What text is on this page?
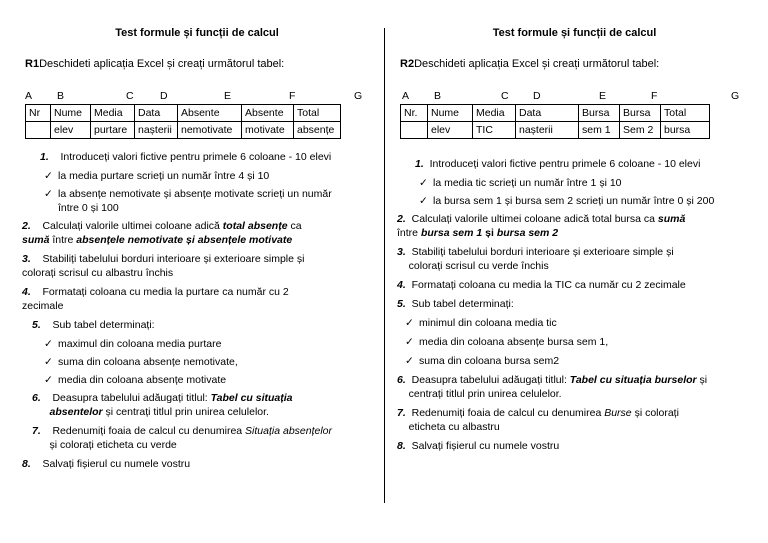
Test formule și funcții de calcul
R1Deschideti aplicația Excel și creați următorul tabel:
A B	C	D	E	F	G
Nr	Nume	Media	Data	Absente	Absente	Total
	elev	purtare	nașterii	nemotivate	motivate	absențe
1. Introduceți valori fictive pentru primele 6 coloane - 10 elevi
✓ la media purtare scrieți un număr între 4 și 10
✓ la absențe nemotivate și absențe motivate scrieți un număr
între 0 și 100
2. Calculați valorile ultimei coloane adică total absențe ca
sumă între absențele nemotivate și absențele motivate
3. Stabiliți tabelului borduri interioare și exterioare simple și
colorați scrisul cu albastru închis
4. Formatați coloana cu media la purtare ca număr cu 2
zecimale
5. Sub tabel determinați:
✓ maximul din coloana media purtare
✓ suma din coloana absențe nemotivate,
✓ media din coloana absențe motivate
6. Deasupra tabelului adăugați titlul: Tabel cu situația
absentelor și centrați titlul prin unirea celulelor.
7. Redenumiți foaia de calcul cu denumirea Situația absențelor
și colorați eticheta cu verde
8. Salvați fișierul cu numele vostru
Test formule și funcții de calcul
R2Deschideti aplicația Excel și creați următorul tabel:
A B	C D	E	F	G
Nr.	Nume	Media	Data	Bursa	Bursa	Total
	elev	TIC	nașterii	sem 1	Sem 2	bursa
1. Introduceți valori fictive pentru primele 6 coloane - 10 elevi
✓ la media tic scrieți un număr între 1 și 10
✓ la bursa sem 1 și bursa sem 2 scrieți un număr între 0 și 200
2. Calculați valorile ultimei coloane adică total bursa ca sumă
între bursa sem 1 și bursa sem 2
3. Stabiliți tabelului borduri interioare și exterioare simple și
colorați scrisul cu verde închis
4. Formatați coloana cu media la TIC ca număr cu 2 zecimale
5. Sub tabel determinați:
✓ minimul din coloana media tic
✓ media din coloana absențe bursa sem 1,
✓ suma din coloana bursa sem2
6. Deasupra tabelului adăugați titlul: Tabel cu situația burselor și
centrați titlul prin unirea celulelor.
7. Redenumiți foaia de calcul cu denumirea Burse și colorați
eticheta cu albastru
8. Salvați fișierul cu numele vostru
